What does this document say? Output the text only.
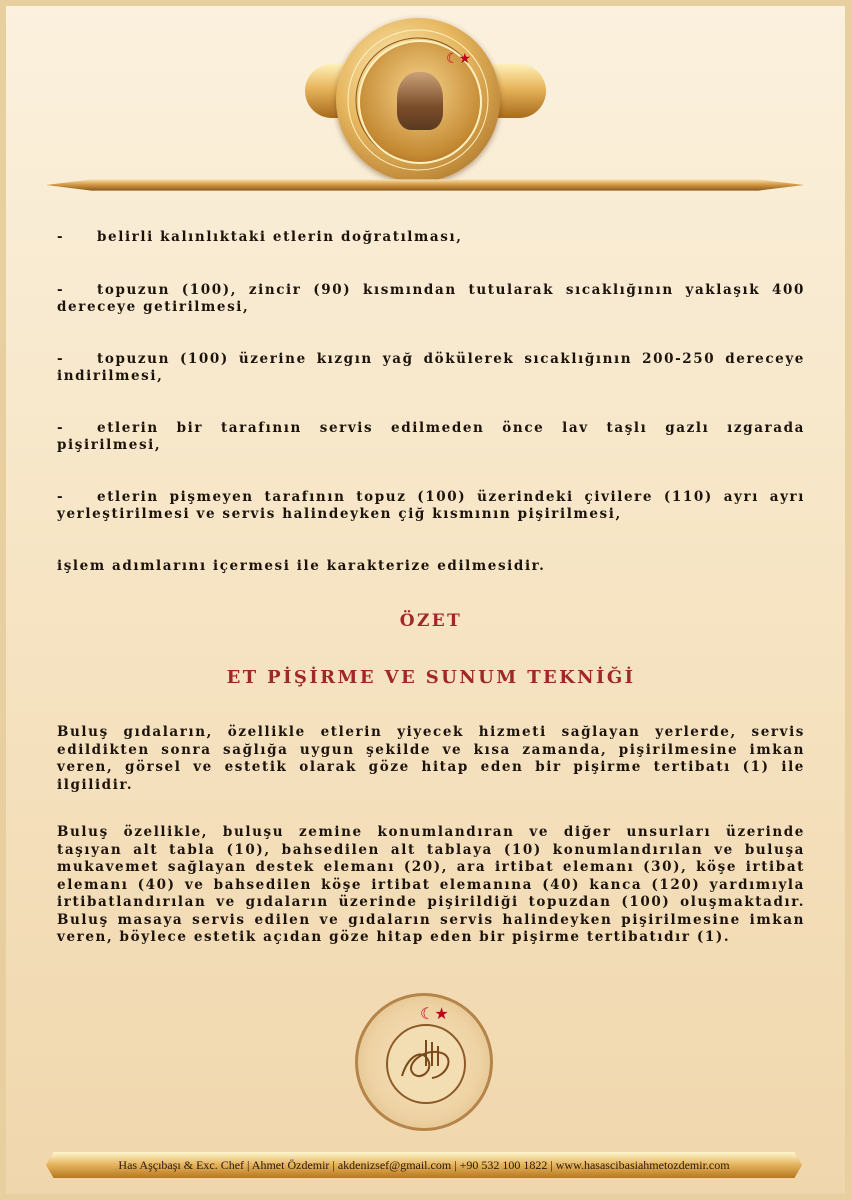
☾★

- belirli kalınlıktaki etlerin doğratılması,

- topuzun (100), zincir (90) kısmından tutularak sıcaklığının yaklaşık 400 dereceye getirilmesi,

- topuzun (100) üzerine kızgın yağ dökülerek sıcaklığının 200-250 dereceye indirilmesi,

- etlerin bir tarafının servis edilmeden önce lav taşlı gazlı ızgarada pişirilmesi,

- etlerin pişmeyen tarafının topuz (100) üzerindeki çivilere (110) ayrı ayrı yerleştirilmesi ve servis halindeyken çiğ kısmının pişirilmesi,

işlem adımlarını içermesi ile karakterize edilmesidir.

ÖZET
ET PİŞİRME VE SUNUM TEKNİĞİ

Buluş gıdaların, özellikle etlerin yiyecek hizmeti sağlayan yerlerde, servis edildikten sonra sağlığa uygun şekilde ve kısa zamanda, pişirilmesine imkan veren, görsel ve estetik olarak göze hitap eden bir pişirme tertibatı (1) ile ilgilidir.

Buluş özellikle, buluşu zemine konumlandıran ve diğer unsurları üzerinde taşıyan alt tabla (10), bahsedilen alt tablaya (10) konumlandırılan ve buluşa mukavemet sağlayan destek elemanı (20), ara irtibat elemanı (30), köşe irtibat elemanı (40) ve bahsedilen köşe irtibat elemanına (40) kanca (120) yardımıyla irtibatlandırılan ve gıdaların üzerinde pişirildiği topuzdan (100) oluşmaktadır. Buluş masaya servis edilen ve gıdaların servis halindeyken pişirilmesine imkan veren, böylece estetik açıdan göze hitap eden bir pişirme tertibatıdır (1).

☾★
Has Aşçıbaşı & Exc. Chef | Ahmet Özdemir | akdenizsef@gmail.com | +90 532 100 1822 | www.hasascibasiahmetozdemir.com
